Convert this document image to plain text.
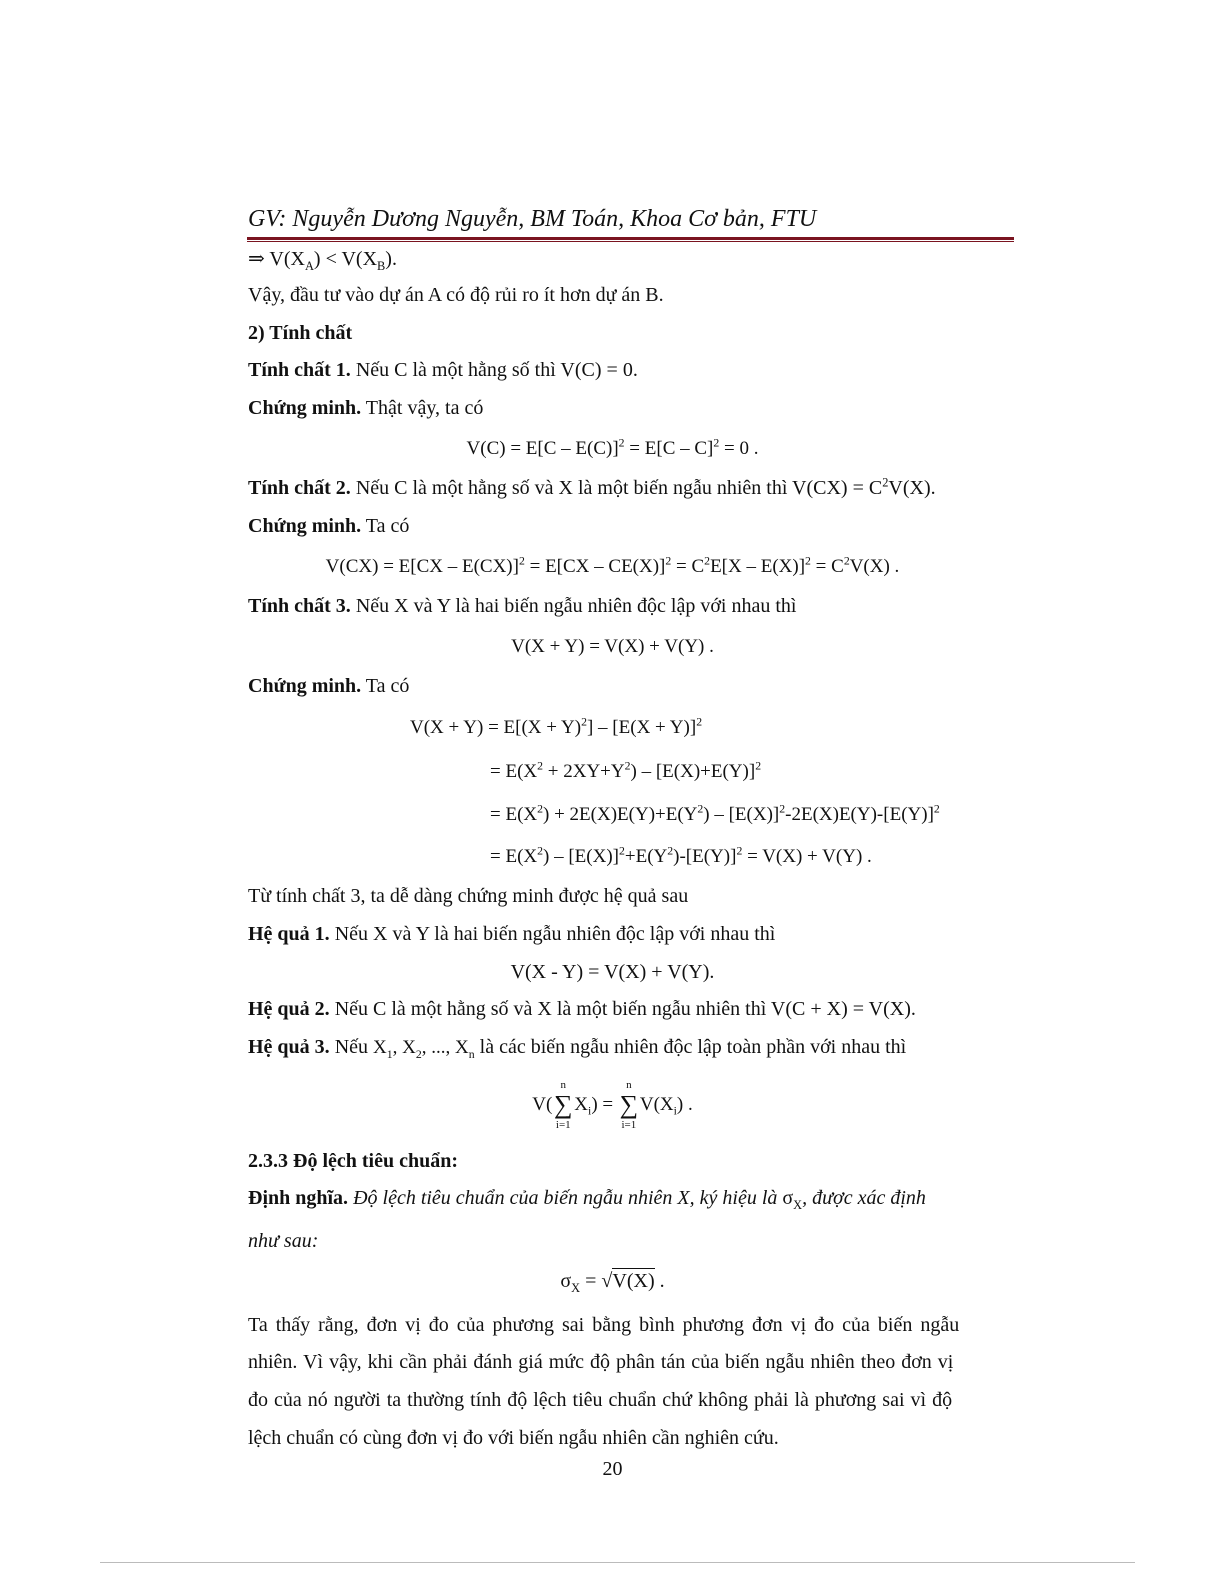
GV: Nguyễn Dương Nguyễn, BM Toán, Khoa Cơ bản, FTU
⇒ $V(X_A) < V(X_B)$.
Vậy, đầu tư vào dự án A có độ rủi ro ít hơn dự án B.
2) Tính chất
Tính chất 1. Nếu C là một hằng số thì V(C) = 0.
Chứng minh. Thật vậy, ta có
V(C) = E[C – E(C)]$^2$ = E[C – C]$^2$ = 0 .
Tính chất 2. Nếu C là một hằng số và X là một biến ngẫu nhiên thì $V(CX) = C^2V(X)$.
Chứng minh. Ta có
$V(CX) = E[CX - E(CX)]^2 = E[CX - CE(X)]^2 = C^2E[X - E(X)]^2 = C^2V(X)$ .
Tính chất 3. Nếu X và Y là hai biến ngẫu nhiên độc lập với nhau thì
V(X + Y) = V(X) + V(Y) .
Chứng minh. Ta có
$V(X + Y) = E[(X + Y)^2] - [E(X + Y)]^2$
= $E(X^2 + 2XY+Y^2) - [E(X)+E(Y)]^2$
= $E(X^2) + 2E(X)E(Y)+E(Y^2) - [E(X)]^2-2E(X)E(Y)-[E(Y)]^2$
= $E(X^2) - [E(X)]^2+E(Y^2)-[E(Y)]^2 = V(X) + V(Y)$ .
Từ tính chất 3, ta dễ dàng chứng minh được hệ quả sau
Hệ quả 1. Nếu X và Y là hai biến ngẫu nhiên độc lập với nhau thì
V(X - Y) = V(X) + V(Y).
Hệ quả 2. Nếu C là một hằng số và X là một biến ngẫu nhiên thì V(C + X) = V(X).
Hệ quả 3. Nếu $X_1$, $X_2$, ..., $X_n$ là các biến ngẫu nhiên độc lập toàn phần với nhau thì
V(
n
∑
i=1
$X_i$) =
n
∑
i=1
$V(X_i)$ .
2.3.3 Độ lệch tiêu chuẩn:
Định nghĩa. Độ lệch tiêu chuẩn của biến ngẫu nhiên X, ký hiệu là $\sigma_X$, được xác định
như sau:
$\sigma_X = √V(X)$ .
Ta thấy rằng, đơn vị đo của phương sai bằng bình phương đơn vị đo của biến ngẫu
nhiên. Vì vậy, khi cần phải đánh giá mức độ phân tán của biến ngẫu nhiên theo đơn vị
đo của nó người ta thường tính độ lệch tiêu chuẩn chứ không phải là phương sai vì độ
lệch chuẩn có cùng đơn vị đo với biến ngẫu nhiên cần nghiên cứu.
20
